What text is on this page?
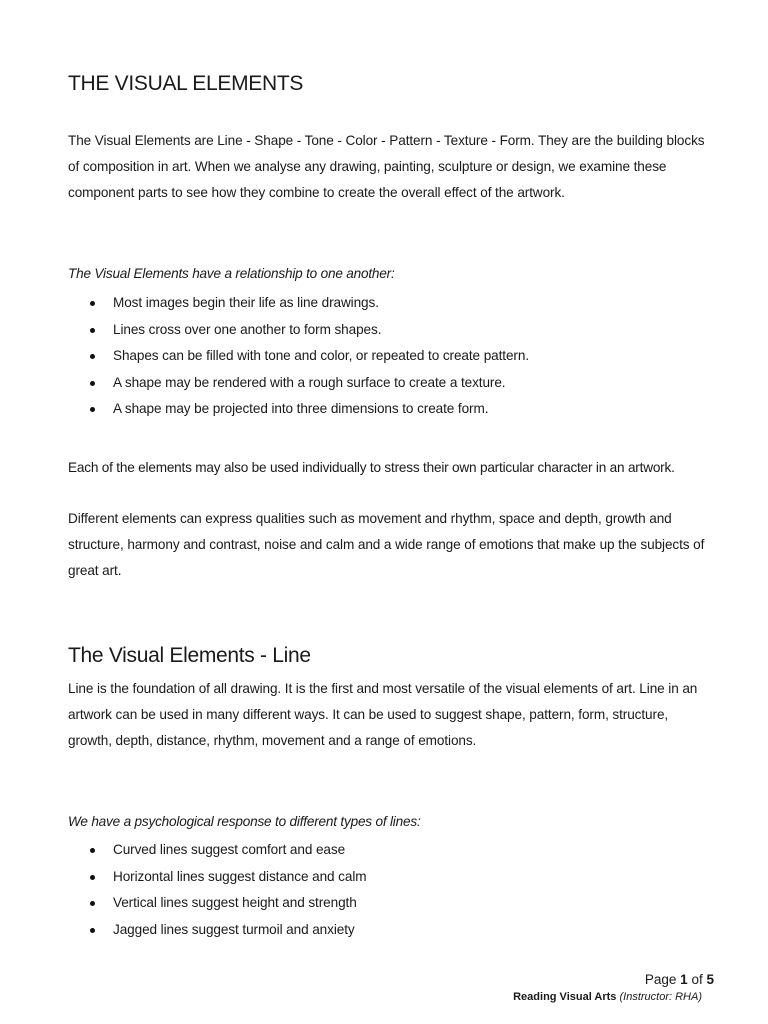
THE VISUAL ELEMENTS

The Visual Elements are Line - Shape - Tone - Color - Pattern - Texture - Form. They are the building blocks of composition in art. When we analyse any drawing, painting, sculpture or design, we examine these component parts to see how they combine to create the overall effect of the artwork.

The Visual Elements have a relationship to one another:
Most images begin their life as line drawings.
Lines cross over one another to form shapes.
Shapes can be filled with tone and color, or repeated to create pattern.
A shape may be rendered with a rough surface to create a texture.
A shape may be projected into three dimensions to create form.
Each of the elements may also be used individually to stress their own particular character in an artwork.

Different elements can express qualities such as movement and rhythm, space and depth, growth and structure, harmony and contrast, noise and calm and a wide range of emotions that make up the subjects of great art.

The Visual Elements - Line

Line is the foundation of all drawing. It is the first and most versatile of the visual elements of art. Line in an artwork can be used in many different ways. It can be used to suggest shape, pattern, form, structure, growth, depth, distance, rhythm, movement and a range of emotions.

We have a psychological response to different types of lines:
Curved lines suggest comfort and ease
Horizontal lines suggest distance and calm
Vertical lines suggest height and strength
Jagged lines suggest turmoil and anxiety
Page 1 of 5
Reading Visual Arts (Instructor: RHA)
